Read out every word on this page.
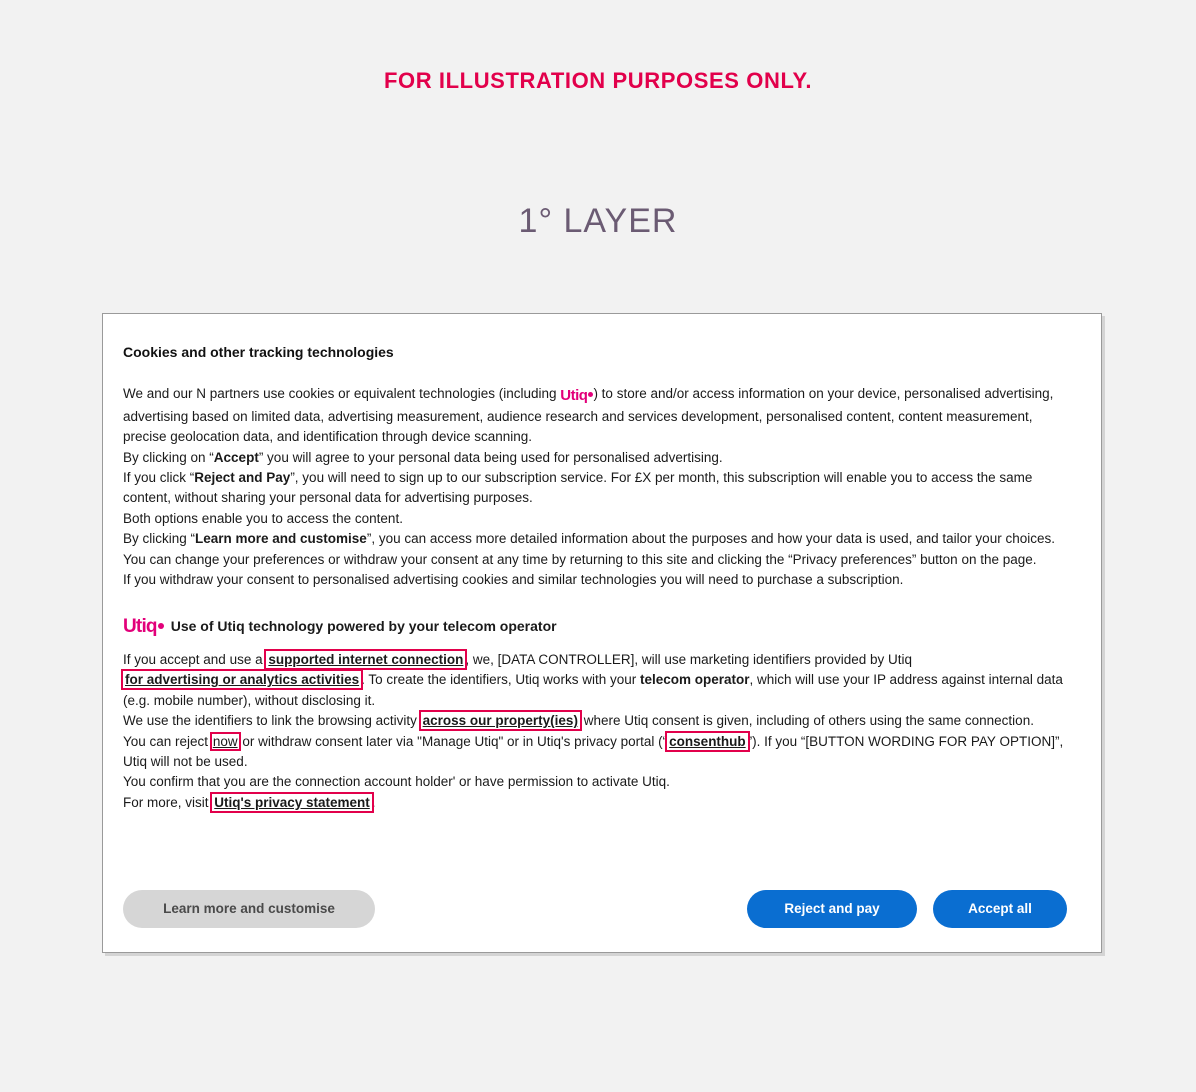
FOR ILLUSTRATION PURPOSES ONLY.
1° LAYER
Cookies and other tracking technologies
We and our N partners use cookies or equivalent technologies (including Utiq ) to store and/or access information on your device, personalised advertising, advertising based on limited data, advertising measurement, audience research and services development, personalised content, content measurement, precise geolocation data, and identification through device scanning.
By clicking on “Accept” you will agree to your personal data being used for personalised advertising.
If you click “Reject and Pay”, you will need to sign up to our subscription service. For £X per month, this subscription will enable you to access the same content, without sharing your personal data for advertising purposes.
Both options enable you to access the content.
By clicking “Learn more and customise”, you can access more detailed information about the purposes and how your data is used, and tailor your choices.
You can change your preferences or withdraw your consent at any time by returning to this site and clicking the “Privacy preferences” button on the page.
If you withdraw your consent to personalised advertising cookies and similar technologies you will need to purchase a subscription.
Utiq	Use of Utiq technology powered by your telecom operator
If you accept and use a supported internet connection , we, [DATA CONTROLLER], will use marketing identifiers provided by Utiq for advertising or analytics activities . To create the identifiers, Utiq works with your telecom operator, which will use your IP address against internal data (e.g. mobile number), without disclosing it.
We use the identifiers to link the browsing activity across our property(ies) where Utiq consent is given, including of others using the same connection.
You can reject now or withdraw consent later via "Manage Utiq" or in Utiq's privacy portal (“ consenthub ”). If you “[BUTTON WORDING FOR PAY OPTION]”, Utiq will not be used.
You confirm that you are the connection account holder' or have permission to activate Utiq.
For more, visit Utiq's privacy statement .
Learn more and customise	Reject and pay	Accept all
